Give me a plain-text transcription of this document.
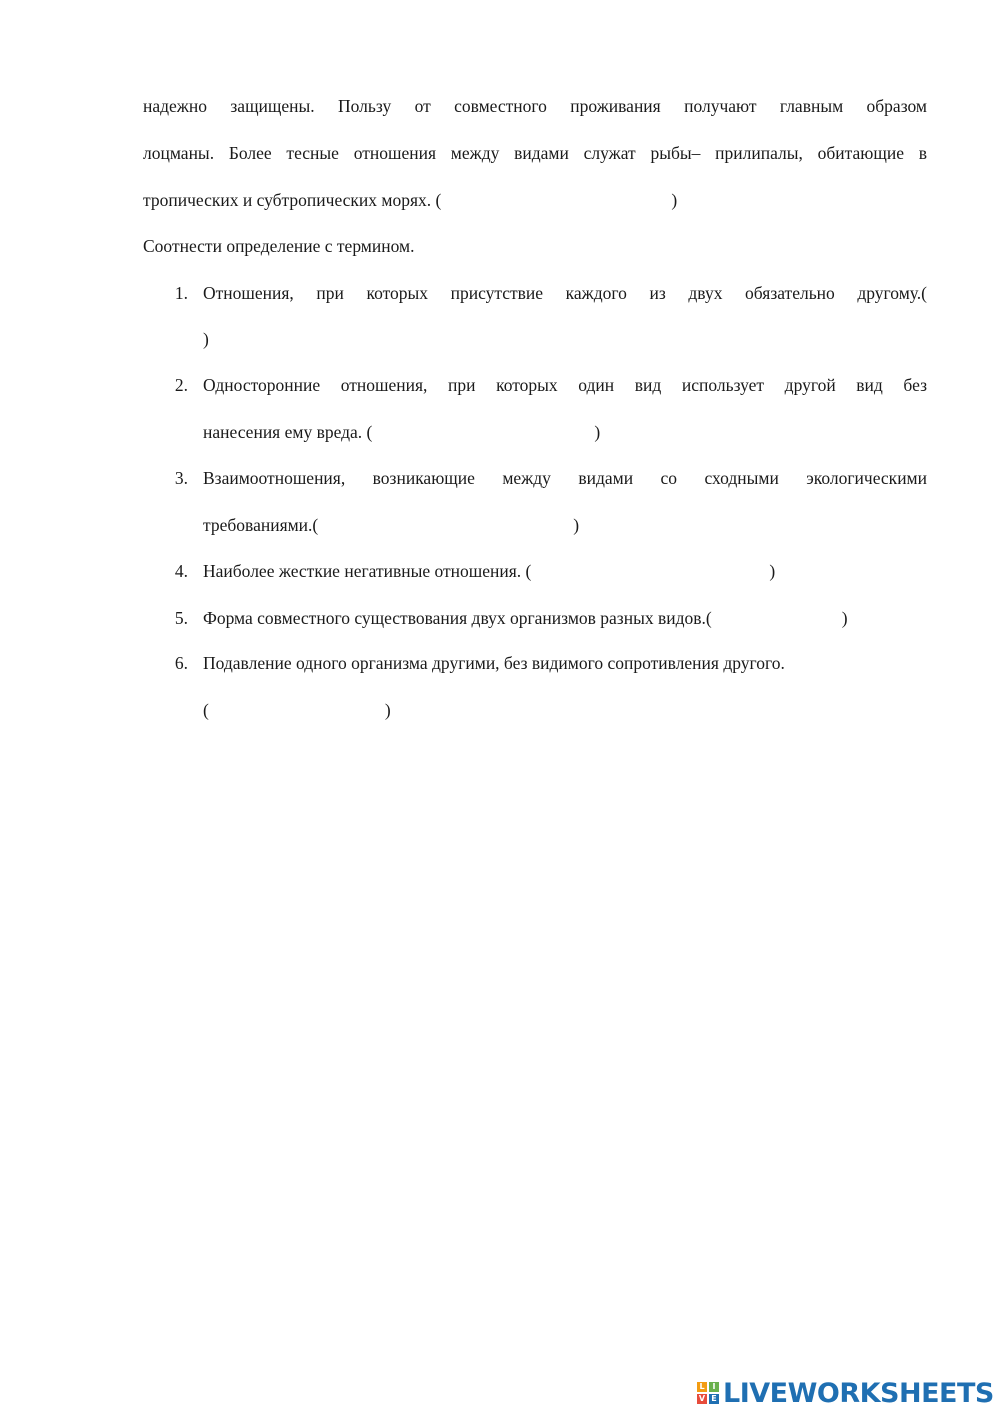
надежно защищены. Пользу от совместного проживания получают главным образом
лоцманы. Более тесные отношения между видами служат рыбы– прилипалы, обитающие в
тропических и субтропических морях. (	)
Соотнести определение с термином.
1. Отношения, при которых присутствие каждого из двух обязательно другому.(
)
2. Односторонние отношения, при которых один вид использует другой вид без
нанесения ему вреда. (	)
3. Взаимоотношения, возникающие между видами со сходными экологическими
требованиями.(	)
4. Наиболее жесткие негативные отношения. (	)
5. Форма совместного существования двух организмов разных видов.(	)
6. Подавление одного организма другими, без видимого сопротивления другого.
(	)
L I
V E LIVEWORKSHEETS
